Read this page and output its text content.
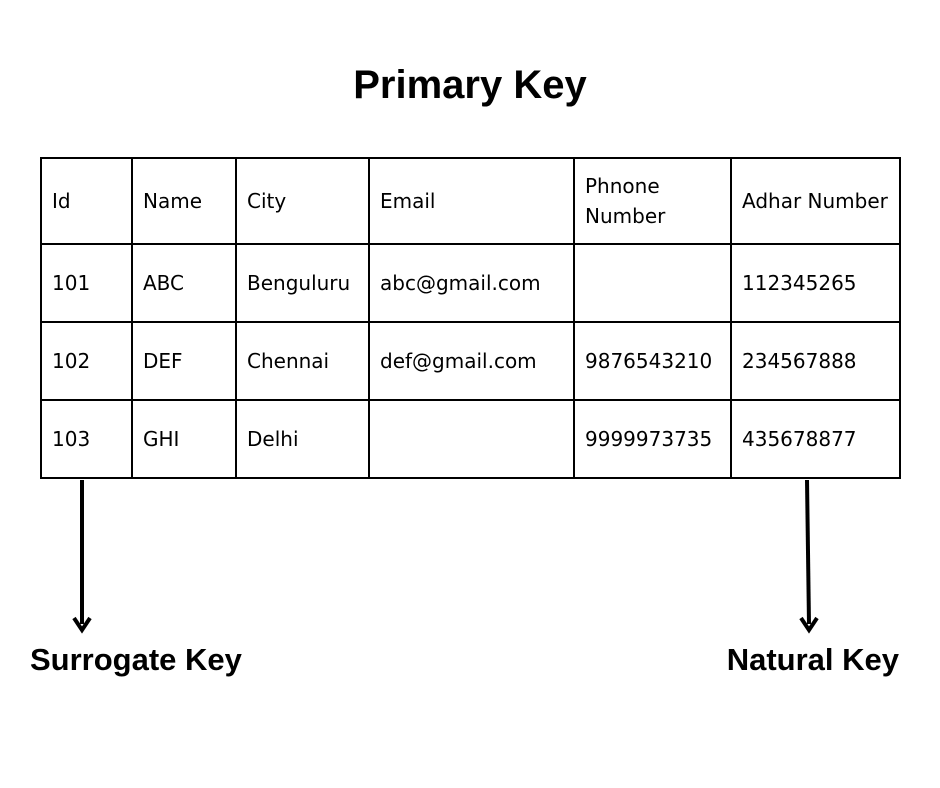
Primary Key
Id	Name	City	Email	Phnone Number	Adhar Number
101	ABC	Benguluru	abc@gmail.com		112345265
102	DEF	Chennai	def@gmail.com	9876543210	234567888
103	GHI	Delhi		9999973735	435678877
Surrogate Key	Natural Key
